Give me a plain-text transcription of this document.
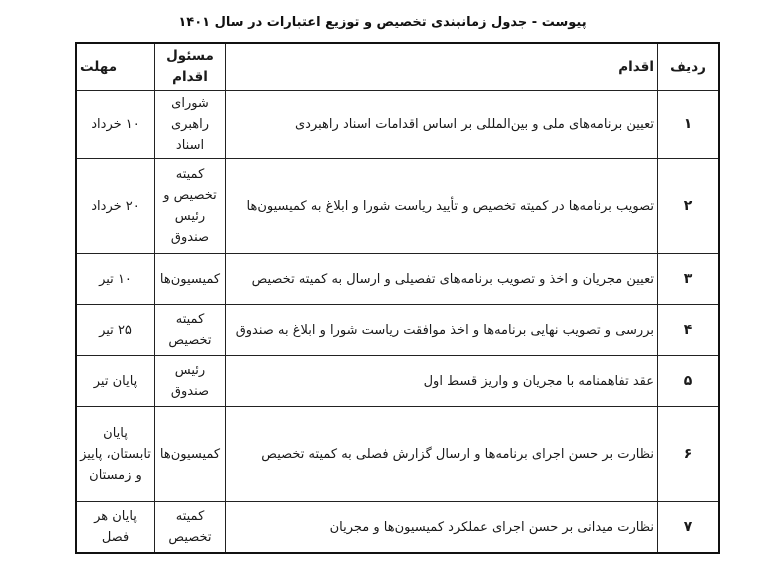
پیوست - جدول زمانبندی تخصیص و توزیع اعتبارات در سال ۱۴۰۱
ردیف	اقدام	مسئول اقدام	مهلت
۱	تعیین برنامه‌های ملی و بین‌المللی بر اساس اقدامات اسناد راهبردی	شورای راهبری اسناد	۱۰ خرداد
۲	تصویب برنامه‌ها در کمیته تخصیص و تأیید ریاست شورا و ابلاغ به کمیسیون‌ها	کمیته تخصیص و رئیس صندوق	۲۰ خرداد
۳	تعیین مجریان و اخذ و تصویب برنامه‌های تفصیلی و ارسال به کمیته تخصیص	کمیسیون‌ها	۱۰ تیر
۴	بررسی و تصویب نهایی برنامه‌ها و اخذ موافقت ریاست شورا و ابلاغ به صندوق	کمیته تخصیص	۲۵ تیر
۵	عقد تفاهمنامه با مجریان و واریز قسط اول	رئیس صندوق	پایان تیر
۶	نظارت بر حسن اجرای برنامه‌ها و ارسال گزارش فصلی به کمیته تخصیص	کمیسیون‌ها	پایان تابستان، پاییز و زمستان
۷	نظارت میدانی بر حسن اجرای عملکرد کمیسیون‌ها و مجریان	کمیته تخصیص	پایان هر فصل
